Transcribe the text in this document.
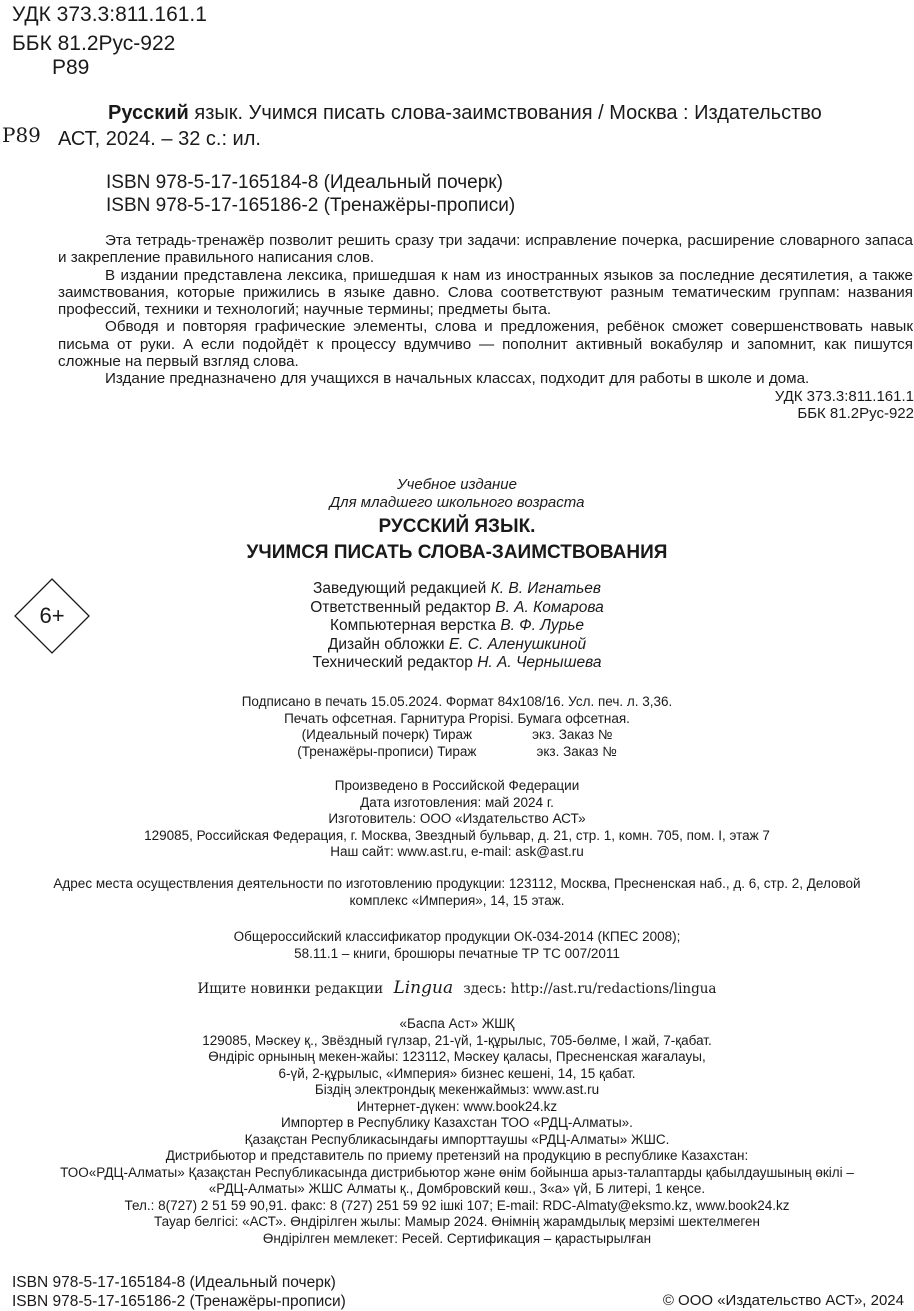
УДК 373.3:811.161.1
ББК 81.2Рус-922
Р89
Р89
Русский язык. Учимся писать слова-заимствования / Москва : Издательство
АСТ, 2024. – 32 с.: ил.
ISBN 978-5-17-165184-8 (Идеальный почерк)
ISBN 978-5-17-165186-2 (Тренажёры-прописи)

Эта тетрадь-тренажёр позволит решить сразу три задачи: исправление почерка, расширение словарного запаса и закрепление правильного написания слов.

В издании представлена лексика, пришедшая к нам из иностранных языков за последние десятилетия, а также заимствования, которые прижились в языке давно. Слова соответствуют разным тематическим группам: названия профессий, техники и технологий; научные термины; предметы быта.

Обводя и повторяя графические элементы, слова и предложения, ребёнок сможет совершенствовать навык письма от руки. А если подойдёт к процессу вдумчиво — пополнит активный вокабуляр и запомнит, как пишутся сложные на первый взгляд слова.

Издание предназначено для учащихся в начальных классах, подходит для работы в школе и дома.

УДК 373.3:811.161.1
ББК 81.2Рус-922
Учебное издание
Для младшего школьного возраста
РУССКИЙ ЯЗЫК.
УЧИМСЯ ПИСАТЬ СЛОВА-ЗАИМСТВОВАНИЯ
6+
Заведующий редакцией К. В. Игнатьев
Ответственный редактор В. А. Комарова
Компьютерная верстка В. Ф. Лурье
Дизайн обложки Е. С. Аленушкиной
Технический редактор Н. А. Чернышева
Подписано в печать 15.05.2024. Формат 84x108/16. Усл. печ. л. 3,36.
Печать офсетная. Гарнитура Propisi. Бумага офсетная.
(Идеальный почерк) Тираж	экз. Заказ №
(Тренажёры-прописи) Тираж	экз. Заказ №
Произведено в Российской Федерации
Дата изготовления: май 2024 г.
Изготовитель: ООО «Издательство АСТ»
129085, Российская Федерация, г. Москва, Звездный бульвар, д. 21, стр. 1, комн. 705, пом. I, этаж 7
Наш сайт: www.ast.ru, e-mail: ask@ast.ru
Адрес места осуществления деятельности по изготовлению продукции: 123112, Москва, Пресненская наб., д. 6, стр. 2, Деловой
комплекс «Империя», 14, 15 этаж.
Общероссийский классификатор продукции ОК-034-2014 (КПЕС 2008);
58.11.1 – книги, брошюры печатные ТР ТС 007/2011
Ищите новинки редакции Lingua здесь: http://ast.ru/redactions/lingua
«Баспа Аст» ЖШҚ
129085, Мәскеу қ., Звёздный гүлзар, 21-үй, 1-құрылыс, 705-бөлме, I жай, 7-қабат.
Өндіріс орнының мекен-жайы: 123112, Мәскеу қаласы, Пресненская жағалауы,
6-үй, 2-құрылыс, «Империя» бизнес кешені, 14, 15 қабат.
Біздің электрондық мекенжаймыз: www.ast.ru
Интернет-дүкен: www.book24.kz
Импортер в Республику Казахстан ТОО «РДЦ-Алматы».
Қазақстан Республикасындағы импорттаушы «РДЦ-Алматы» ЖШС.
Дистрибьютор и представитель по приему претензий на продукцию в республике Казахстан:
ТОО«РДЦ-Алматы» Қазақстан Республикасында дистрибьютор және өнім бойынша арыз-талаптарды қабылдаушының өкілі –
«РДЦ-Алматы» ЖШС Алматы қ., Домбровский көш., 3«а» үй, Б литері, 1 кеңсе.
Тел.: 8(727) 2 51 59 90,91. факс: 8 (727) 251 59 92 ішкі 107; E-mail: RDC-Almaty@eksmo.kz, www.book24.kz
Тауар белгісі: «АСТ». Өндірілген жылы: Мамыр 2024. Өнімнің жарамдылық мерзімі шектелмеген
Өндірілген мемлекет: Ресей. Сертификация – қарастырылған
ISBN 978-5-17-165184-8 (Идеальный почерк)
ISBN 978-5-17-165186-2 (Тренажёры-прописи)	© ООО «Издательство АСТ», 2024
